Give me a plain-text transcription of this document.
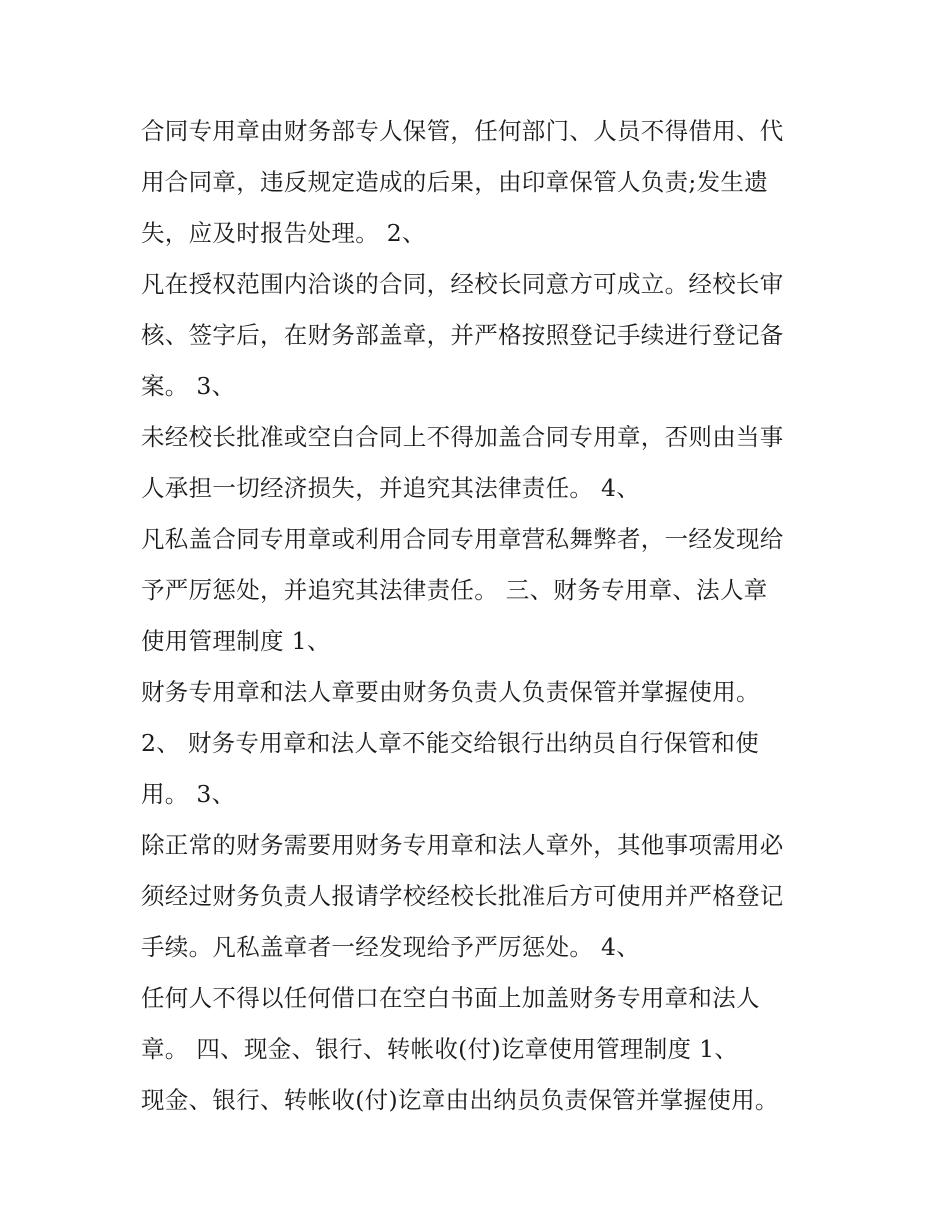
合同专用章由财务部专人保管，任何部门、人员不得借用、代
用合同章，违反规定造成的后果，由印章保管人负责;发生遗
失，应及时报告处理。 2、
凡在授权范围内洽谈的合同，经校长同意方可成立。经校长审
核、签字后，在财务部盖章，并严格按照登记手续进行登记备
案。 3、
未经校长批准或空白合同上不得加盖合同专用章，否则由当事
人承担一切经济损失，并追究其法律责任。 4、
凡私盖合同专用章或利用合同专用章营私舞弊者，一经发现给
予严厉惩处，并追究其法律责任。 三、财务专用章、法人章
使用管理制度 1、
财务专用章和法人章要由财务负责人负责保管并掌握使用。
2、 财务专用章和法人章不能交给银行出纳员自行保管和使
用。 3、
除正常的财务需要用财务专用章和法人章外，其他事项需用必
须经过财务负责人报请学校经校长批准后方可使用并严格登记
手续。凡私盖章者一经发现给予严厉惩处。 4、
任何人不得以任何借口在空白书面上加盖财务专用章和法人
章。 四、现金、银行、转帐收(付)讫章使用管理制度 1、
现金、银行、转帐收(付)讫章由出纳员负责保管并掌握使用。
